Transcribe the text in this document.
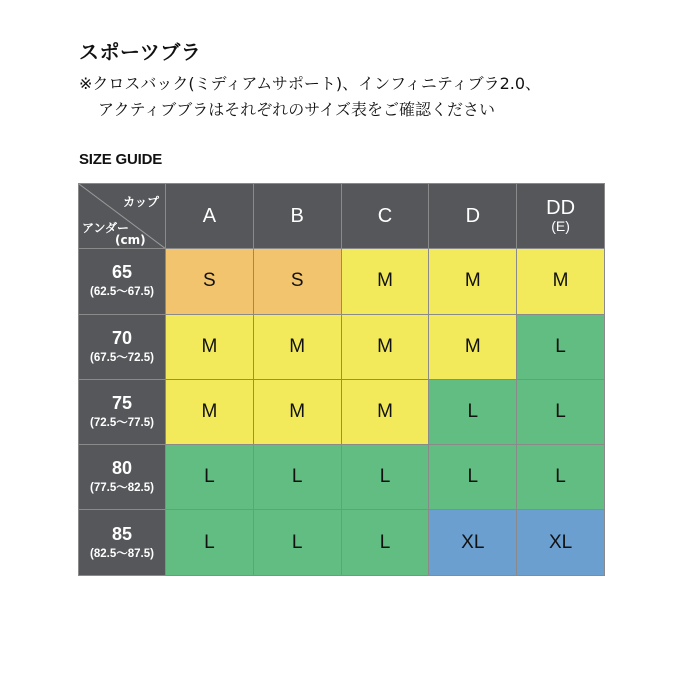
スポーツブラ

※クロスバック(ミディアムサポート)、インフィニティブラ2.0、
アクティブブラはそれぞれのサイズ表をご確認ください

SIZE GUIDE
カップ
アンダー
(cm)	A	B	C	D	DD
(E)

65
(62.5〜67.5)	S	S	M	M	M

70
(67.5〜72.5)	M	M	M	M	L

75
(72.5〜77.5)	M	M	M	L	L

80
(77.5〜82.5)	L	L	L	L	L

85
(82.5〜87.5)	L	L	L	XL	XL
